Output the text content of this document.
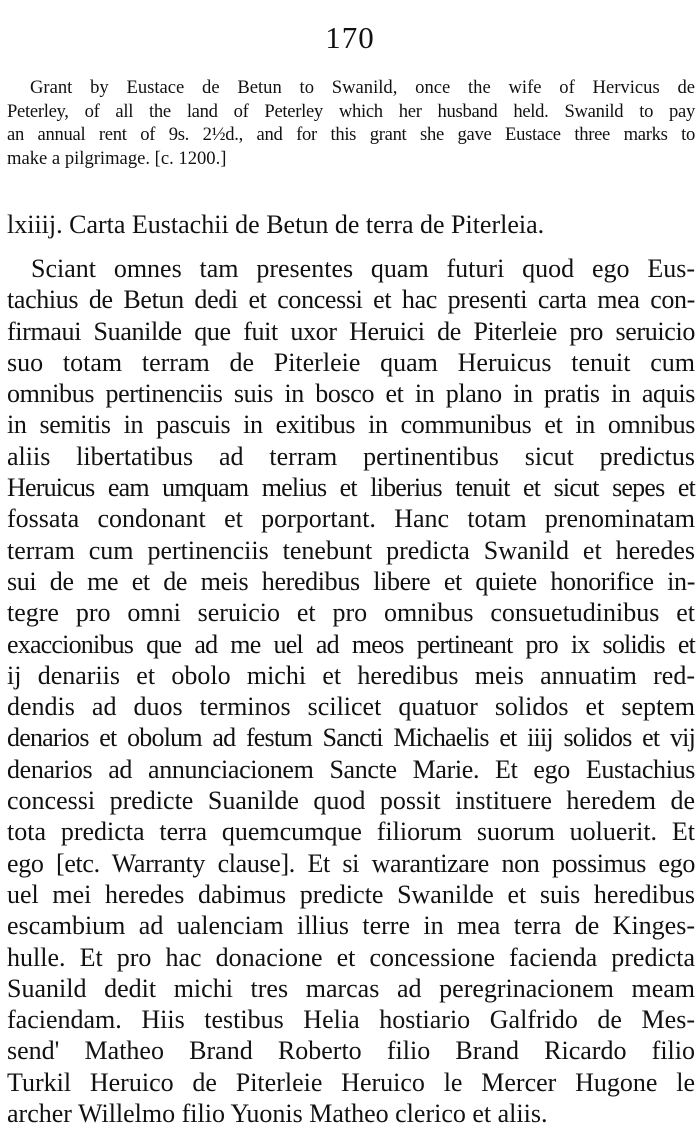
170
Grant by Eustace de Betun to Swanild, once the wife of Hervicus de
Peterley, of all the land of Peterley which her husband held. Swanild to pay
an annual rent of 9s. 2½d., and for this grant she gave Eustace three marks to
make a pilgrimage. [c. 1200.]
lxiiij. Carta Eustachii de Betun de terra de Piterleia.
Sciant omnes tam presentes quam futuri quod ego Eus-
tachius de Betun dedi et concessi et hac presenti carta mea con-
firmaui Suanilde que fuit uxor Heruici de Piterleie pro seruicio
suo totam terram de Piterleie quam Heruicus tenuit cum
omnibus pertinenciis suis in bosco et in plano in pratis in aquis
in semitis in pascuis in exitibus in communibus et in omnibus
aliis libertatibus ad terram pertinentibus sicut predictus
Heruicus eam umquam melius et liberius tenuit et sicut sepes et
fossata condonant et porportant. Hanc totam prenominatam
terram cum pertinenciis tenebunt predicta Swanild et heredes
sui de me et de meis heredibus libere et quiete honorifice in-
tegre pro omni seruicio et pro omnibus consuetudinibus et
exaccionibus que ad me uel ad meos pertineant pro ix solidis et
ij denariis et obolo michi et heredibus meis annuatim red-
dendis ad duos terminos scilicet quatuor solidos et septem
denarios et obolum ad festum Sancti Michaelis et iiij solidos et vij
denarios ad annunciacionem Sancte Marie. Et ego Eustachius
concessi predicte Suanilde quod possit instituere heredem de
tota predicta terra quemcumque filiorum suorum uoluerit. Et
ego [etc. Warranty clause]. Et si warantizare non possimus ego
uel mei heredes dabimus predicte Swanilde et suis heredibus
escambium ad ualenciam illius terre in mea terra de Kinges-
hulle. Et pro hac donacione et concessione facienda predicta
Suanild dedit michi tres marcas ad peregrinacionem meam
faciendam. Hiis testibus Helia hostiario Galfrido de Mes-
send' Matheo Brand Roberto filio Brand Ricardo filio
Turkil Heruico de Piterleie Heruico le Mercer Hugone le
archer Willelmo filio Yuonis Matheo clerico et aliis.
